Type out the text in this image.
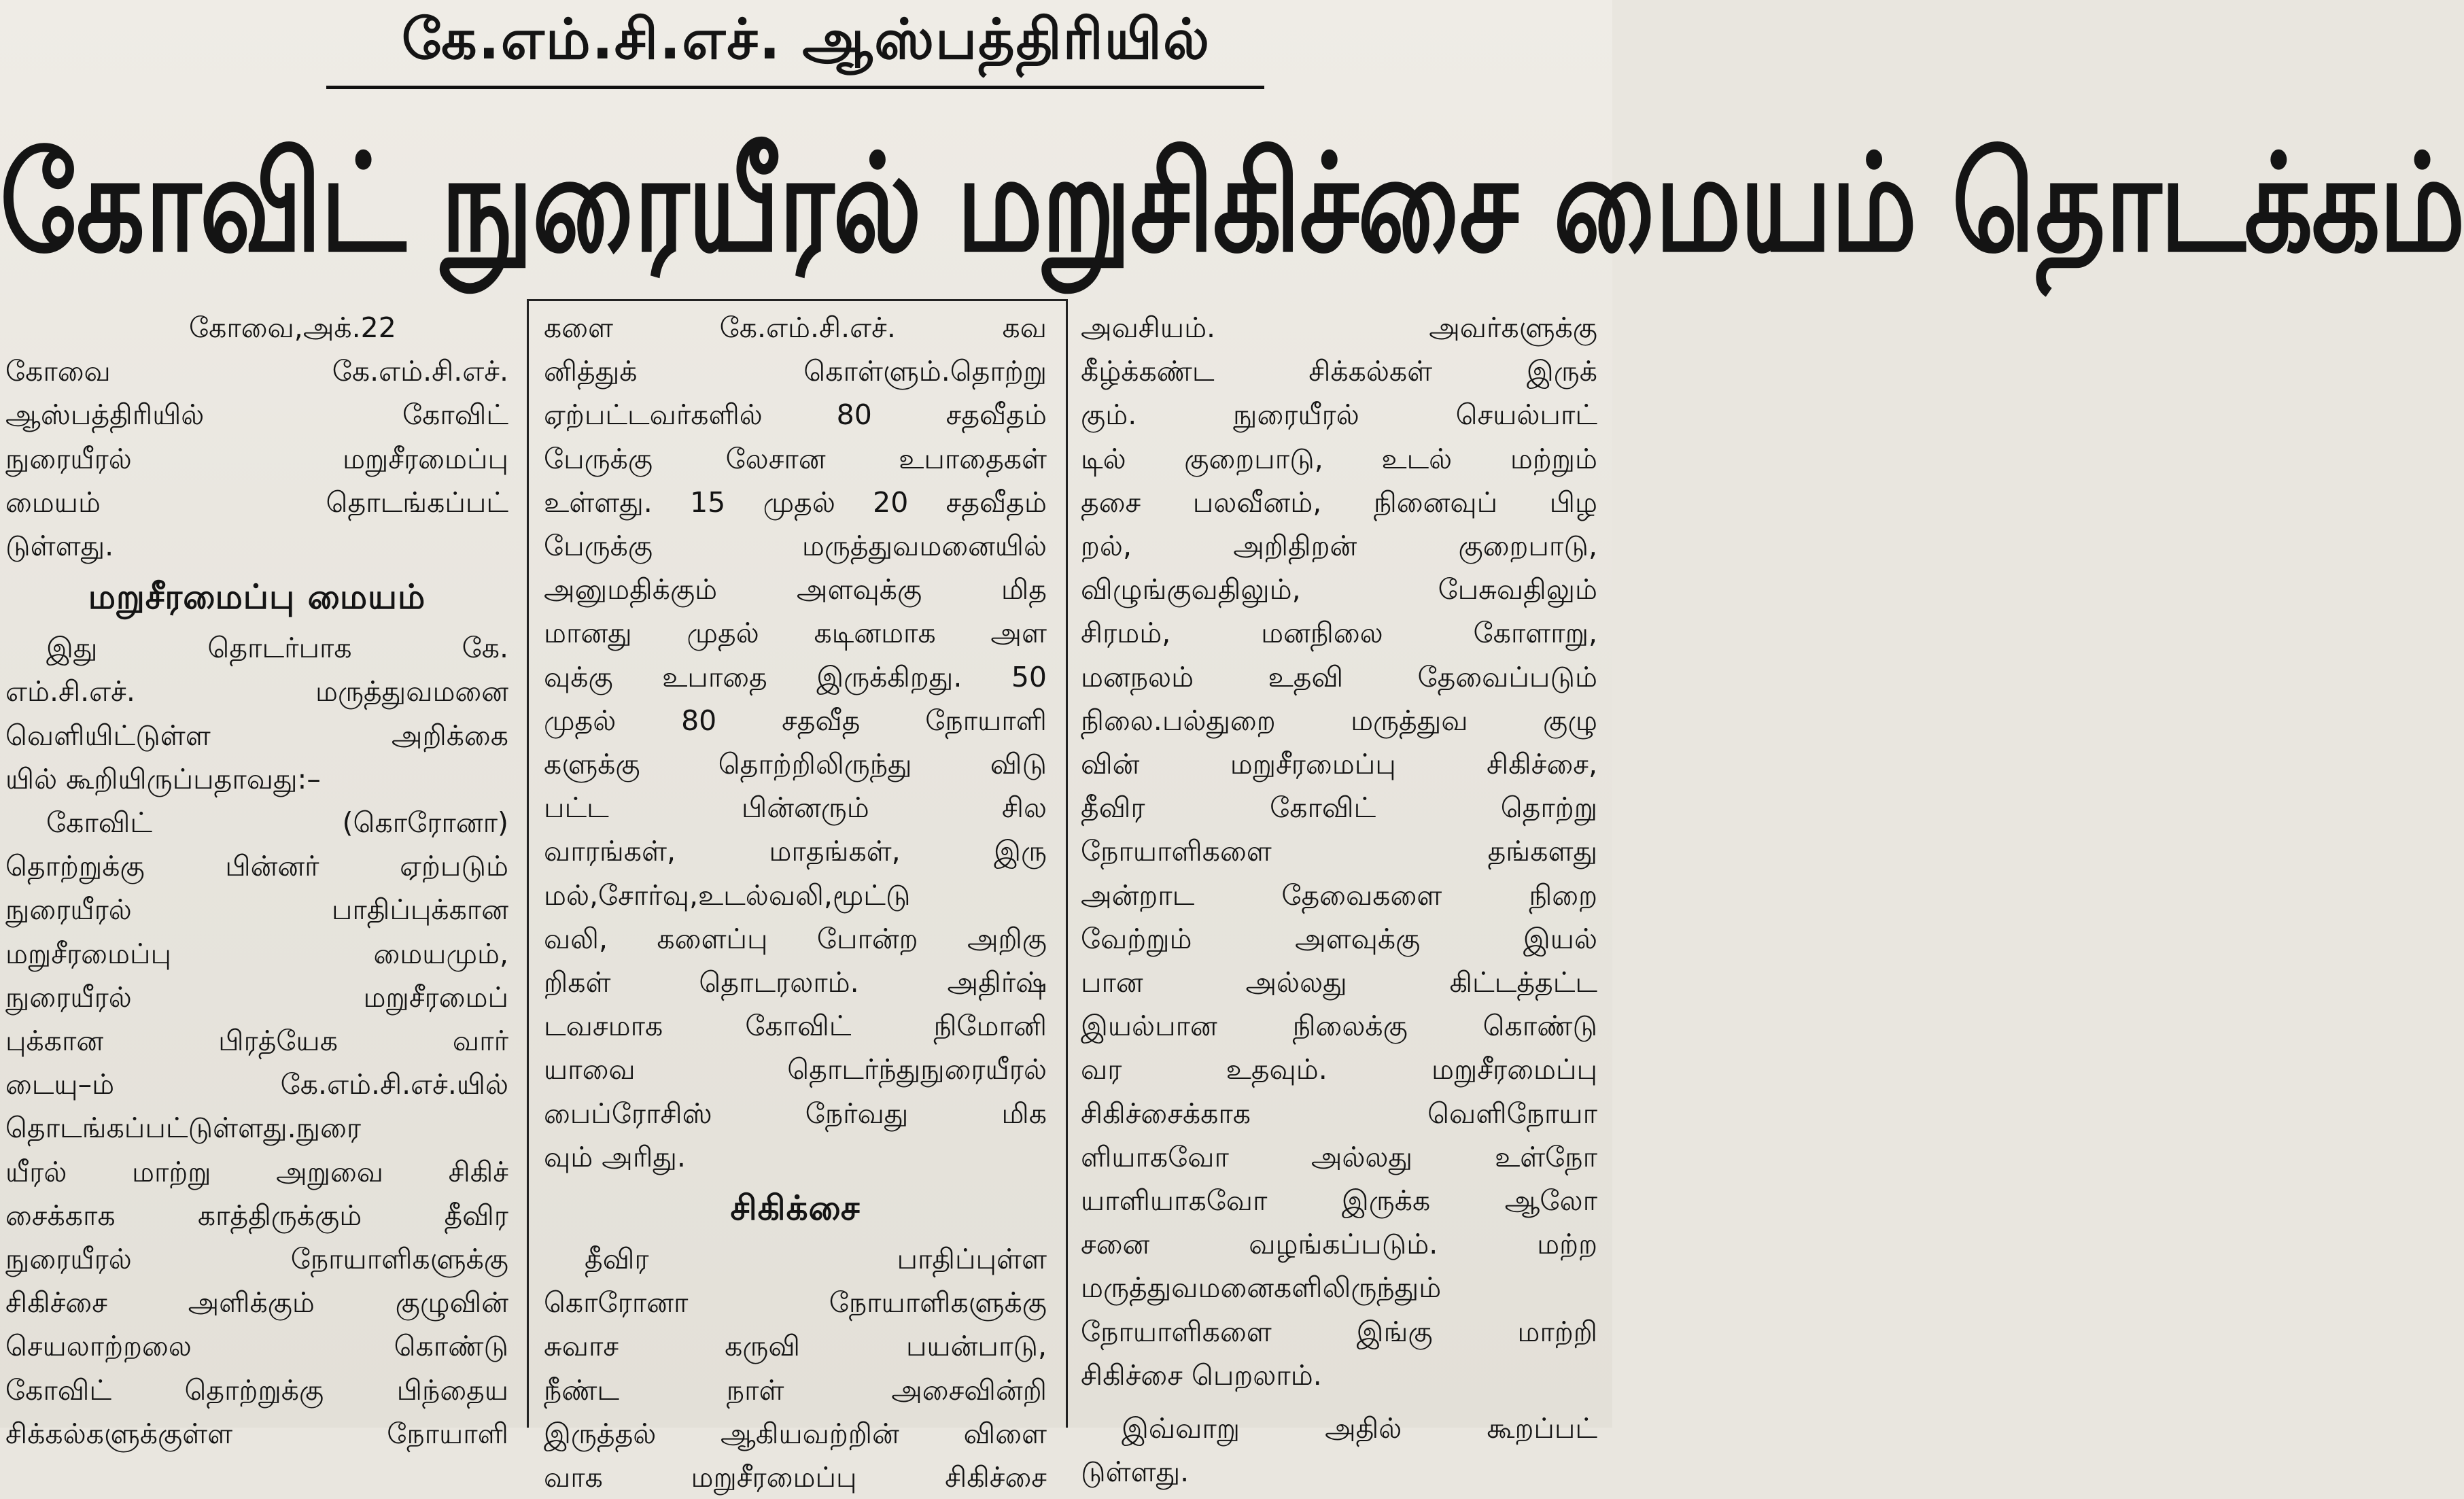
கே.எம்.சி.எச். ஆஸ்பத்திரியில்
கோவிட் நுரையீரல் மறுசிகிச்சை மையம் தொடக்கம்

கோவை,அக்.22

கோவை கே.எம்.சி.எச்.

ஆஸ்பத்திரியில் கோவிட்

நுரையீரல் மறுசீரமைப்பு

மையம் தொடங்கப்பட்

டுள்ளது.

மறுசீரமைப்பு மையம்

இது தொடர்பாக கே.

எம்.சி.எச். மருத்துவமனை

வெளியிட்டுள்ள அறிக்கை

யில் கூறியிருப்பதாவது:–

கோவிட் (கொரோனா)

தொற்றுக்கு பின்னர் ஏற்படும்

நுரையீரல் பாதிப்புக்கான

மறுசீரமைப்பு மையமும்,

நுரையீரல் மறுசீரமைப்

புக்கான பிரத்யேக வார்

டையு–ம் கே.எம்.சி.எச்.யில்

தொடங்கப்பட்டுள்ளது.நுரை

யீரல் மாற்று அறுவை சிகிச்

சைக்காக காத்திருக்கும் தீவிர

நுரையீரல் நோயாளிகளுக்கு

சிகிச்சை அளிக்கும் குழுவின்

செயலாற்றலை கொண்டு

கோவிட் தொற்றுக்கு பிந்தைய

சிக்கல்களுக்குள்ள நோயாளி

களை கே.எம்.சி.எச். கவ

னித்துக் கொள்ளும்.தொற்று

ஏற்பட்டவர்களில் 80 சதவீதம்

பேருக்கு லேசான உபாதைகள்

உள்ளது. 15 முதல் 20 சதவீதம்

பேருக்கு மருத்துவமனையில்

அனுமதிக்கும் அளவுக்கு மித

மானது முதல் கடினமாக அள

வுக்கு உபாதை இருக்கிறது. 50

முதல் 80 சதவீத நோயாளி

களுக்கு தொற்றிலிருந்து விடு

பட்ட பின்னரும் சில

வாரங்கள், மாதங்கள், இரு

மல்,சோர்வு,உடல்வலி,மூட்டு

வலி, களைப்பு போன்ற அறிகு

றிகள் தொடரலாம். அதிர்ஷ்

டவசமாக கோவிட் நிமோனி

யாவை தொடர்ந்துநுரையீரல்

பைப்ரோசிஸ் நேர்வது மிக

வும் அரிது.

சிகிக்சை

தீவிர பாதிப்புள்ள

கொரோனா நோயாளிகளுக்கு

சுவாச கருவி பயன்பாடு,

நீண்ட நாள் அசைவின்றி

இருத்தல் ஆகியவற்றின் விளை

வாக மறுசீரமைப்பு சிகிச்சை

அவசியம். அவர்களுக்கு

கீழ்க்கண்ட சிக்கல்கள் இருக்

கும். நுரையீரல் செயல்பாட்

டில் குறைபாடு, உடல் மற்றும்

தசை பலவீனம், நினைவுப் பிழ

றல், அறிதிறன் குறைபாடு,

விழுங்குவதிலும், பேசுவதிலும்

சிரமம், மனநிலை கோளாறு,

மனநலம் உதவி தேவைப்படும்

நிலை.பல்துறை மருத்துவ குழு

வின் மறுசீரமைப்பு சிகிச்சை,

தீவிர கோவிட் தொற்று

நோயாளிகளை தங்களது

அன்றாட தேவைகளை நிறை

வேற்றும் அளவுக்கு இயல்

பான அல்லது கிட்டத்தட்ட

இயல்பான நிலைக்கு கொண்டு

வர உதவும். மறுசீரமைப்பு

சிகிச்சைக்காக வெளிநோயா

ளியாகவோ அல்லது உள்நோ

யாளியாகவோ இருக்க ஆலோ

சனை வழங்கப்படும். மற்ற

மருத்துவமனைகளிலிருந்தும்

நோயாளிகளை இங்கு மாற்றி

சிகிச்சை பெறலாம்.

இவ்வாறு அதில் கூறப்பட்

டுள்ளது.
